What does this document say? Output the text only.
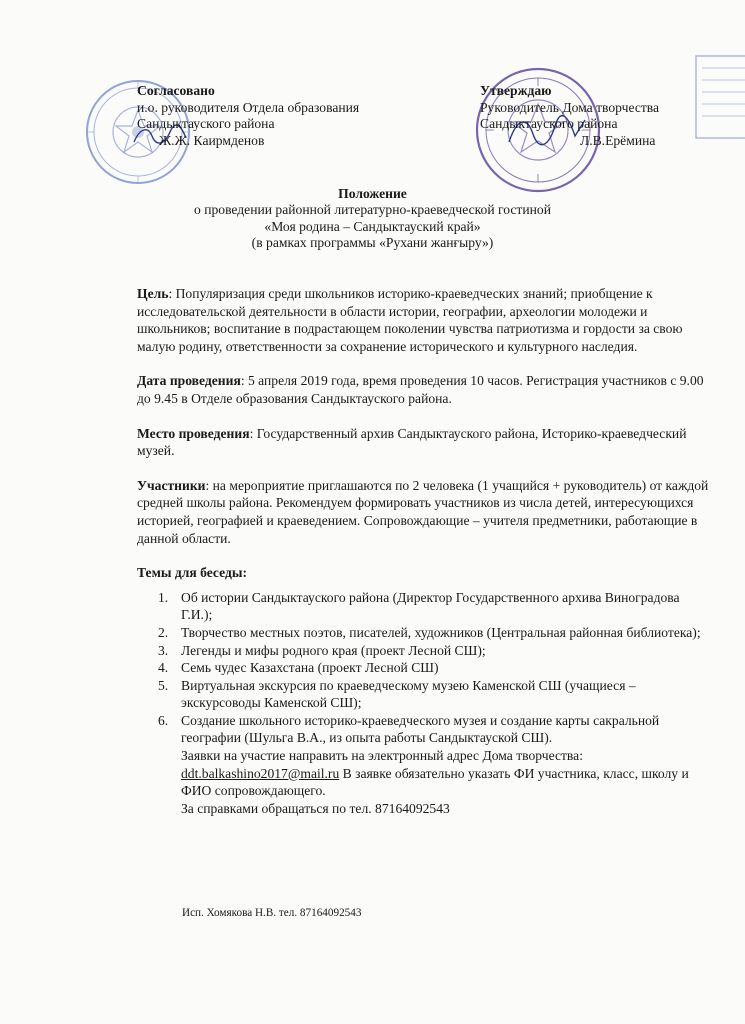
Согласовано
и.о. руководителя Отдела образования
Сандыктауского района

Ж.Ж. Каирмденов
Утверждаю
Руководитель Дома творчества
Сандыктауского района

Л.В.Ерёмина
Положение
о проведении районной литературно-краеведческой гостиной
«Моя родина – Сандыктауский край»
(в рамках программы «Рухани жанғыру»)

Цель: Популяризация среди школьников историко-краеведческих знаний; приобщение к исследовательской деятельности в области истории, географии, археологии молодежи и школьников; воспитание в подрастающем поколении чувства патриотизма и гордости за свою малую родину, ответственности за сохранение исторического и культурного наследия.

Дата проведения: 5 апреля 2019 года, время проведения 10 часов. Регистрация участников с 9.00 до 9.45 в Отделе образования Сандыктауского района.

Место проведения: Государственный архив Сандыктауского района, Историко-краеведческий музей.

Участники: на мероприятие приглашаются по 2 человека (1 учащийся + руководитель) от каждой средней школы района. Рекомендуем формировать участников из числа детей, интересующихся историей, географией и краеведением. Сопровождающие – учителя предметники, работающие в данной области.

Темы для беседы:

1. Об истории Сандыктауского района (Директор Государственного архива Виноградова Г.И.);
2. Творчество местных поэтов, писателей, художников (Центральная районная библиотека);
3. Легенды и мифы родного края (проект Лесной СШ);
4. Семь чудес Казахстана (проект Лесной СШ)
5. Виртуальная экскурсия по краеведческому музею Каменской СШ (учащиеся – экскурсоводы Каменской СШ);
6. Создание школьного историко-краеведческого музея и создание карты сакральной географии (Шульга В.А., из опыта работы Сандыктауской СШ).
Заявки на участие направить на электронный адрес Дома творчества:
ddt.balkashino2017@mail.ru В заявке обязательно указать ФИ участника, класс, школу и ФИО сопровождающего.
За справками обращаться по тел. 87164092543
Исп. Хомякова Н.В. тел. 87164092543
